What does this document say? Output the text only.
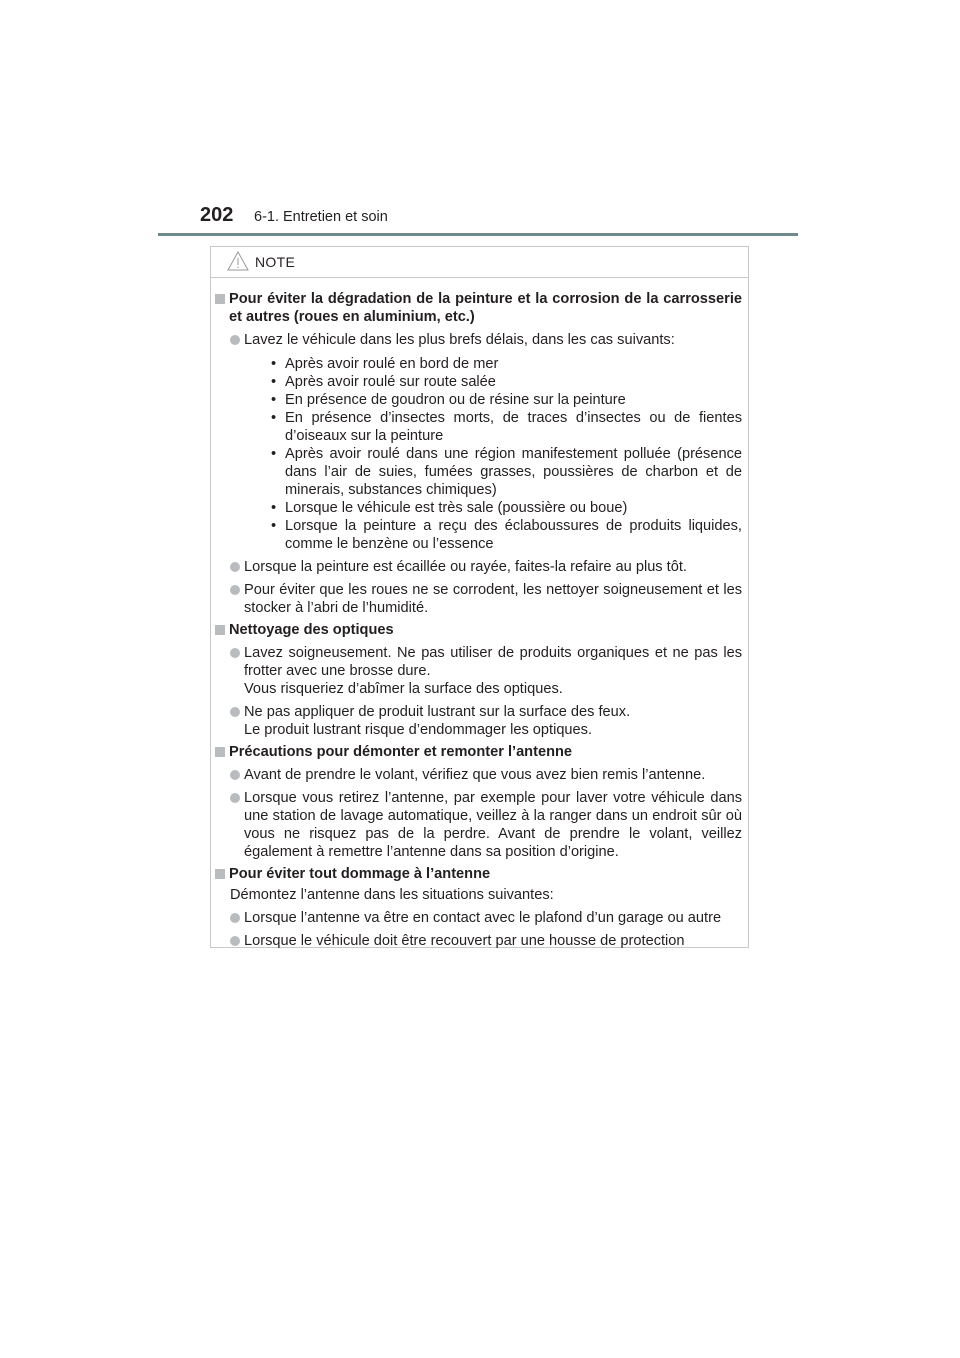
202 6-1. Entretien et soin
NOTE
Pour éviter la dégradation de la peinture et la corrosion de la carrosserie et autres (roues en aluminium, etc.)
Lavez le véhicule dans les plus brefs délais, dans les cas suivants:
• Après avoir roulé en bord de mer
• Après avoir roulé sur route salée
• En présence de goudron ou de résine sur la peinture
• En présence d’insectes morts, de traces d’insectes ou de fientes d’oiseaux sur la peinture
• Après avoir roulé dans une région manifestement polluée (présence dans l’air de suies, fumées grasses, poussières de charbon et de minerais, substances chimiques)
• Lorsque le véhicule est très sale (poussière ou boue)
• Lorsque la peinture a reçu des éclaboussures de produits liquides, comme le benzène ou l’essence
Lorsque la peinture est écaillée ou rayée, faites-la refaire au plus tôt.
Pour éviter que les roues ne se corrodent, les nettoyer soigneusement et les stocker à l’abri de l’humidité.
Nettoyage des optiques
Lavez soigneusement. Ne pas utiliser de produits organiques et ne pas les frotter avec une brosse dure.
Vous risqueriez d’abîmer la surface des optiques.
Ne pas appliquer de produit lustrant sur la surface des feux.
Le produit lustrant risque d’endommager les optiques.
Précautions pour démonter et remonter l’antenne
Avant de prendre le volant, vérifiez que vous avez bien remis l’antenne.
Lorsque vous retirez l’antenne, par exemple pour laver votre véhicule dans une station de lavage automatique, veillez à la ranger dans un endroit sûr où vous ne risquez pas de la perdre. Avant de prendre le volant, veillez également à remettre l’antenne dans sa position d’origine.
Pour éviter tout dommage à l’antenne
Démontez l’antenne dans les situations suivantes:
Lorsque l’antenne va être en contact avec le plafond d’un garage ou autre
Lorsque le véhicule doit être recouvert par une housse de protection
